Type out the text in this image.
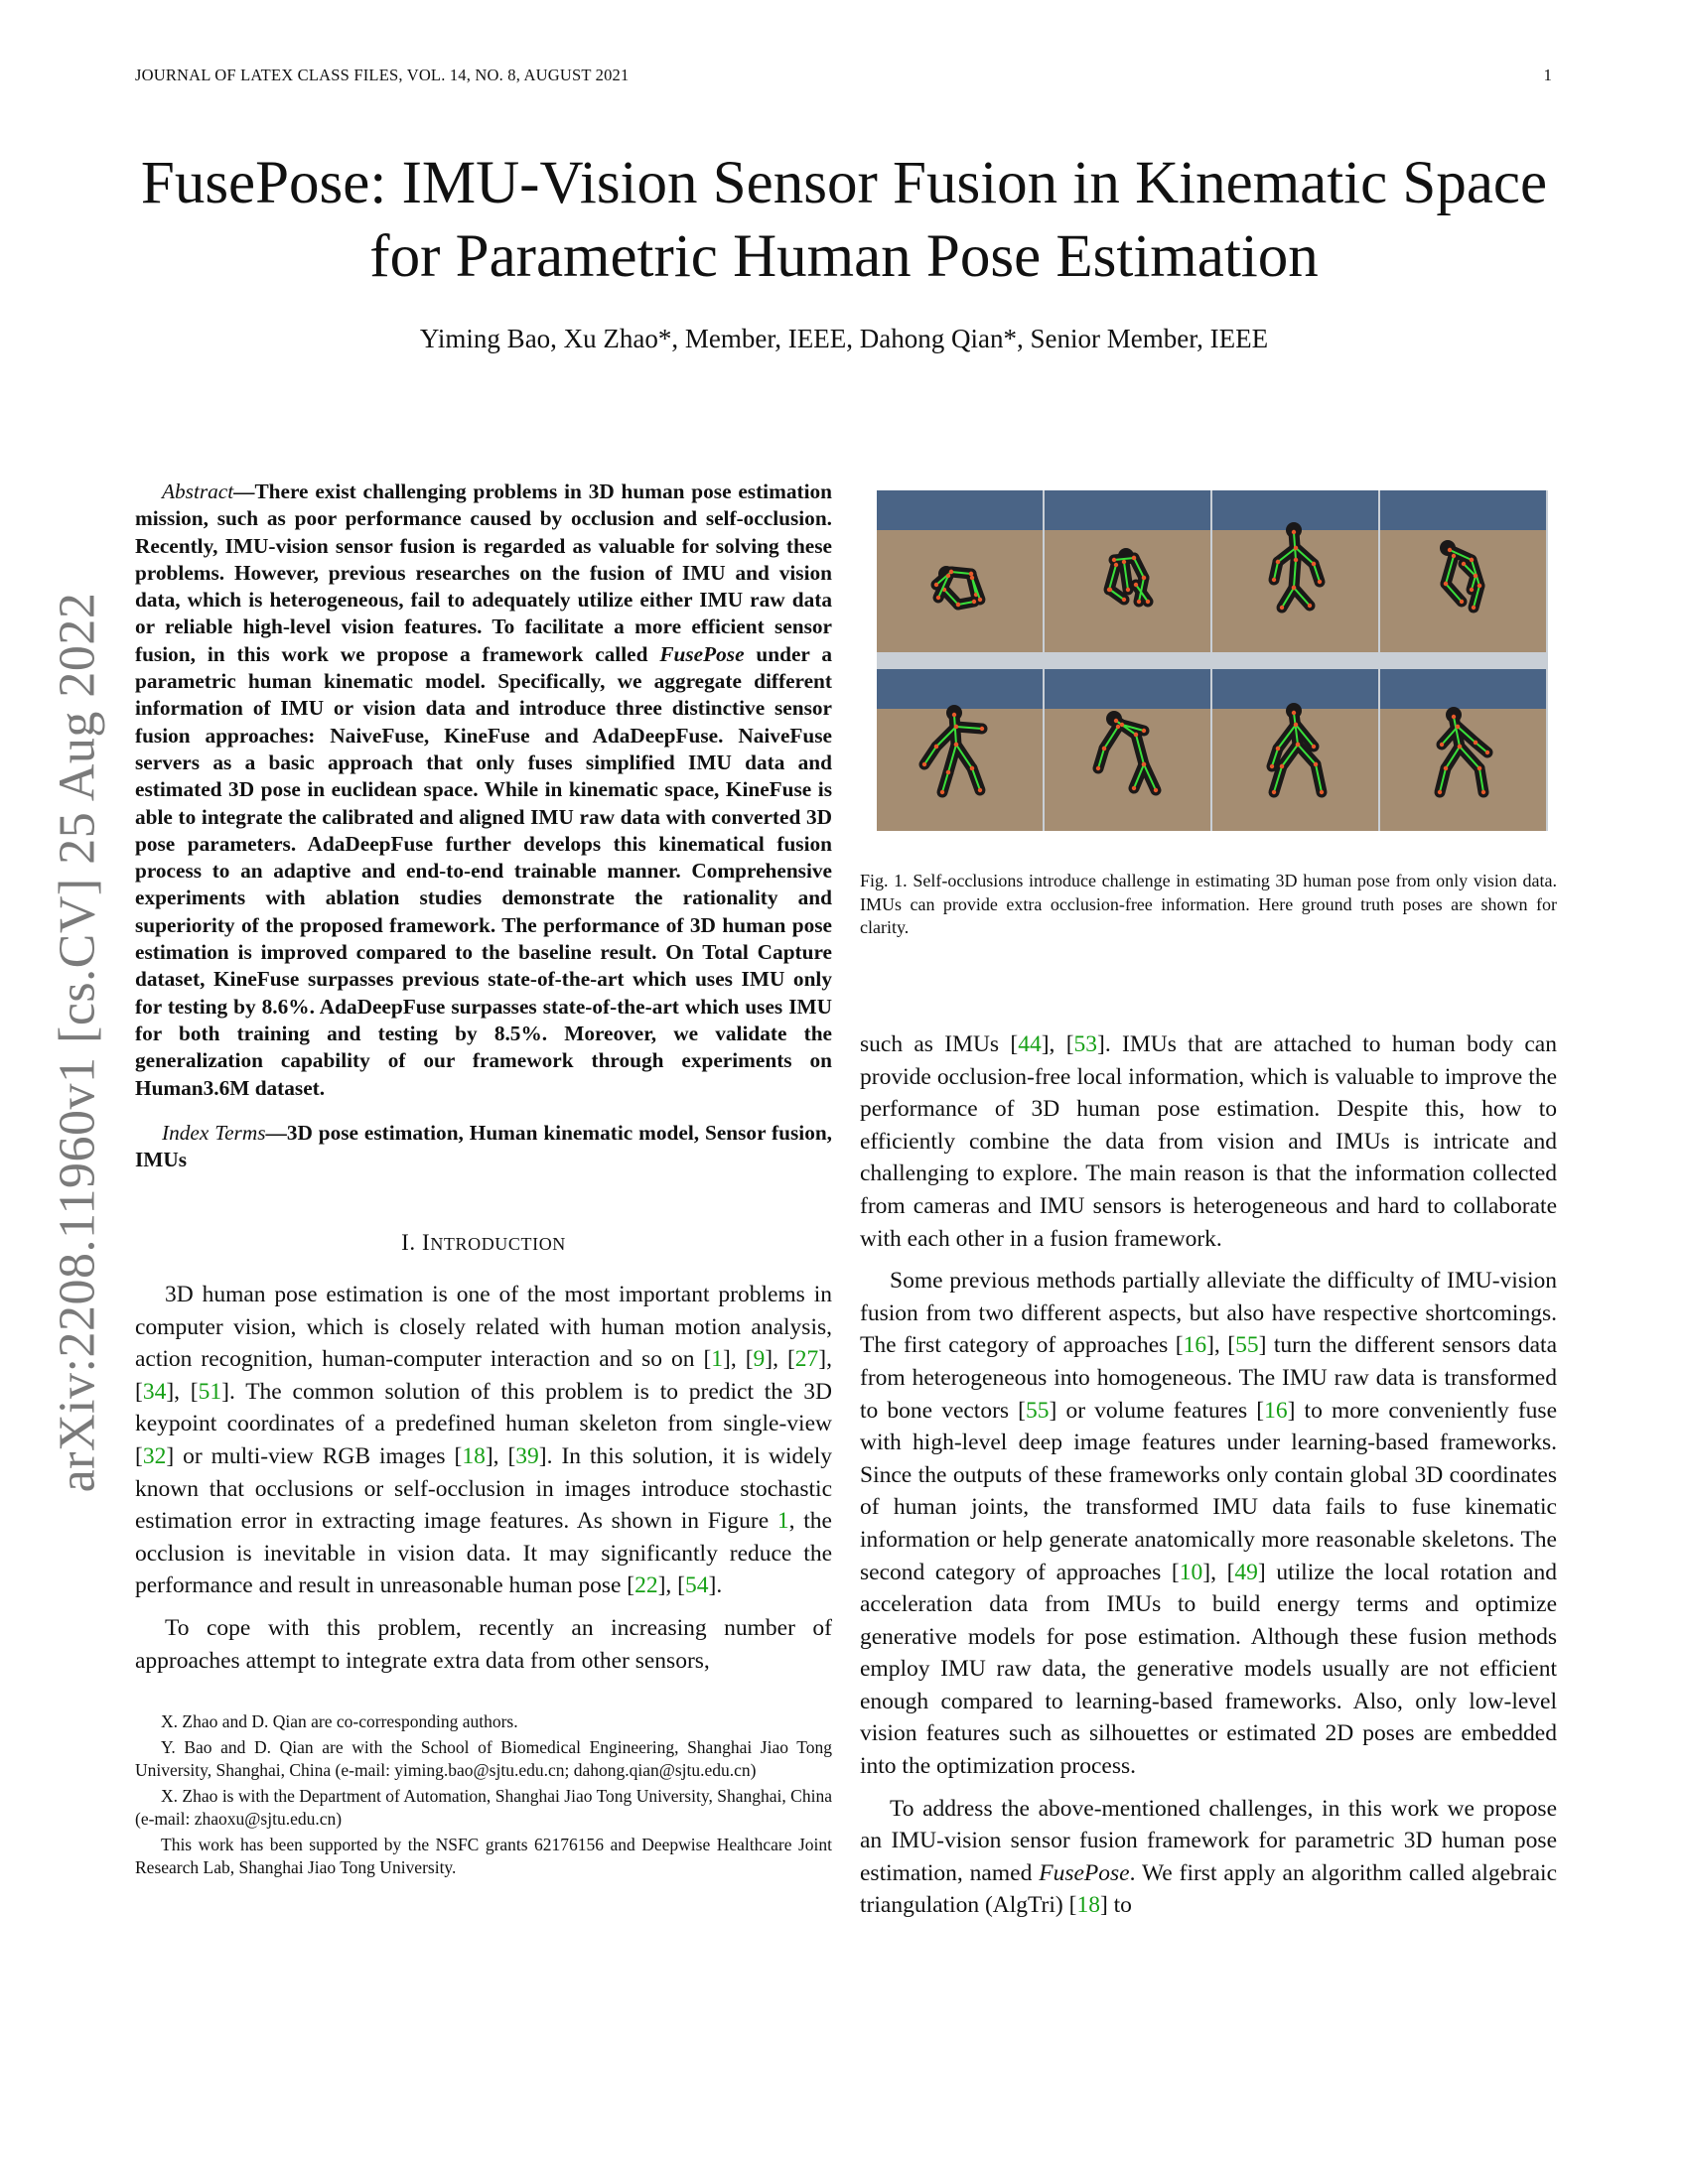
JOURNAL OF LATEX CLASS FILES, VOL. 14, NO. 8, AUGUST 2021	1
arXiv:2208.11960v1 [cs.CV] 25 Aug 2022
FusePose: IMU-Vision Sensor Fusion in Kinematic Space for Parametric Human Pose Estimation
Yiming Bao, Xu Zhao*, Member, IEEE, Dahong Qian*, Senior Member, IEEE

Abstract—There exist challenging problems in 3D human pose estimation mission, such as poor performance caused by occlusion and self-occlusion. Recently, IMU-vision sensor fusion is regarded as valuable for solving these problems. However, previous researches on the fusion of IMU and vision data, which is heterogeneous, fail to adequately utilize either IMU raw data or reliable high-level vision features. To facilitate a more efficient sensor fusion, in this work we propose a framework called FusePose under a parametric human kinematic model. Specifically, we aggregate different information of IMU or vision data and introduce three distinctive sensor fusion approaches: NaiveFuse, KineFuse and AdaDeepFuse. NaiveFuse servers as a basic approach that only fuses simplified IMU data and estimated 3D pose in euclidean space. While in kinematic space, KineFuse is able to integrate the calibrated and aligned IMU raw data with converted 3D pose parameters. AdaDeepFuse further develops this kinematical fusion process to an adaptive and end-to-end trainable manner. Comprehensive experiments with ablation studies demonstrate the rationality and superiority of the proposed framework. The performance of 3D human pose estimation is improved compared to the baseline result. On Total Capture dataset, KineFuse surpasses previous state-of-the-art which uses IMU only for testing by 8.6%. AdaDeepFuse surpasses state-of-the-art which uses IMU for both training and testing by 8.5%. Moreover, we validate the generalization capability of our framework through experiments on Human3.6M dataset.

Index Terms—3D pose estimation, Human kinematic model, Sensor fusion, IMUs

I. INTRODUCTION

3D human pose estimation is one of the most important problems in computer vision, which is closely related with human motion analysis, action recognition, human-computer interaction and so on [1], [9], [27], [34], [51]. The common solution of this problem is to predict the 3D keypoint coordinates of a predefined human skeleton from single-view [32] or multi-view RGB images [18], [39]. In this solution, it is widely known that occlusions or self-occlusion in images introduce stochastic estimation error in extracting image features. As shown in Figure 1, the occlusion is inevitable in vision data. It may significantly reduce the performance and result in unreasonable human pose [22], [54].

To cope with this problem, recently an increasing number of approaches attempt to integrate extra data from other sensors,

X. Zhao and D. Qian are co-corresponding authors.

Y. Bao and D. Qian are with the School of Biomedical Engineering, Shanghai Jiao Tong University, Shanghai, China (e-mail: yiming.bao@sjtu.edu.cn; dahong.qian@sjtu.edu.cn)

X. Zhao is with the Department of Automation, Shanghai Jiao Tong University, Shanghai, China (e-mail: zhaoxu@sjtu.edu.cn)

This work has been supported by the NSFC grants 62176156 and Deepwise Healthcare Joint Research Lab, Shanghai Jiao Tong University.

Fig. 1. Self-occlusions introduce challenge in estimating 3D human pose from only vision data. IMUs can provide extra occlusion-free information. Here ground truth poses are shown for clarity.

such as IMUs [44], [53]. IMUs that are attached to human body can provide occlusion-free local information, which is valuable to improve the performance of 3D human pose estimation. Despite this, how to efficiently combine the data from vision and IMUs is intricate and challenging to explore. The main reason is that the information collected from cameras and IMU sensors is heterogeneous and hard to collaborate with each other in a fusion framework.

Some previous methods partially alleviate the difficulty of IMU-vision fusion from two different aspects, but also have respective shortcomings. The first category of approaches [16], [55] turn the different sensors data from heterogeneous into homogeneous. The IMU raw data is transformed to bone vectors [55] or volume features [16] to more conveniently fuse with high-level deep image features under learning-based frameworks. Since the outputs of these frameworks only contain global 3D coordinates of human joints, the transformed IMU data fails to fuse kinematic information or help generate anatomically more reasonable skeletons. The second category of approaches [10], [49] utilize the local rotation and acceleration data from IMUs to build energy terms and optimize generative models for pose estimation. Although these fusion methods employ IMU raw data, the generative models usually are not efficient enough compared to learning-based frameworks. Also, only low-level vision features such as silhouettes or estimated 2D poses are embedded into the optimization process.

To address the above-mentioned challenges, in this work we propose an IMU-vision sensor fusion framework for parametric 3D human pose estimation, named FusePose. We first apply an algorithm called algebraic triangulation (AlgTri) [18] to
